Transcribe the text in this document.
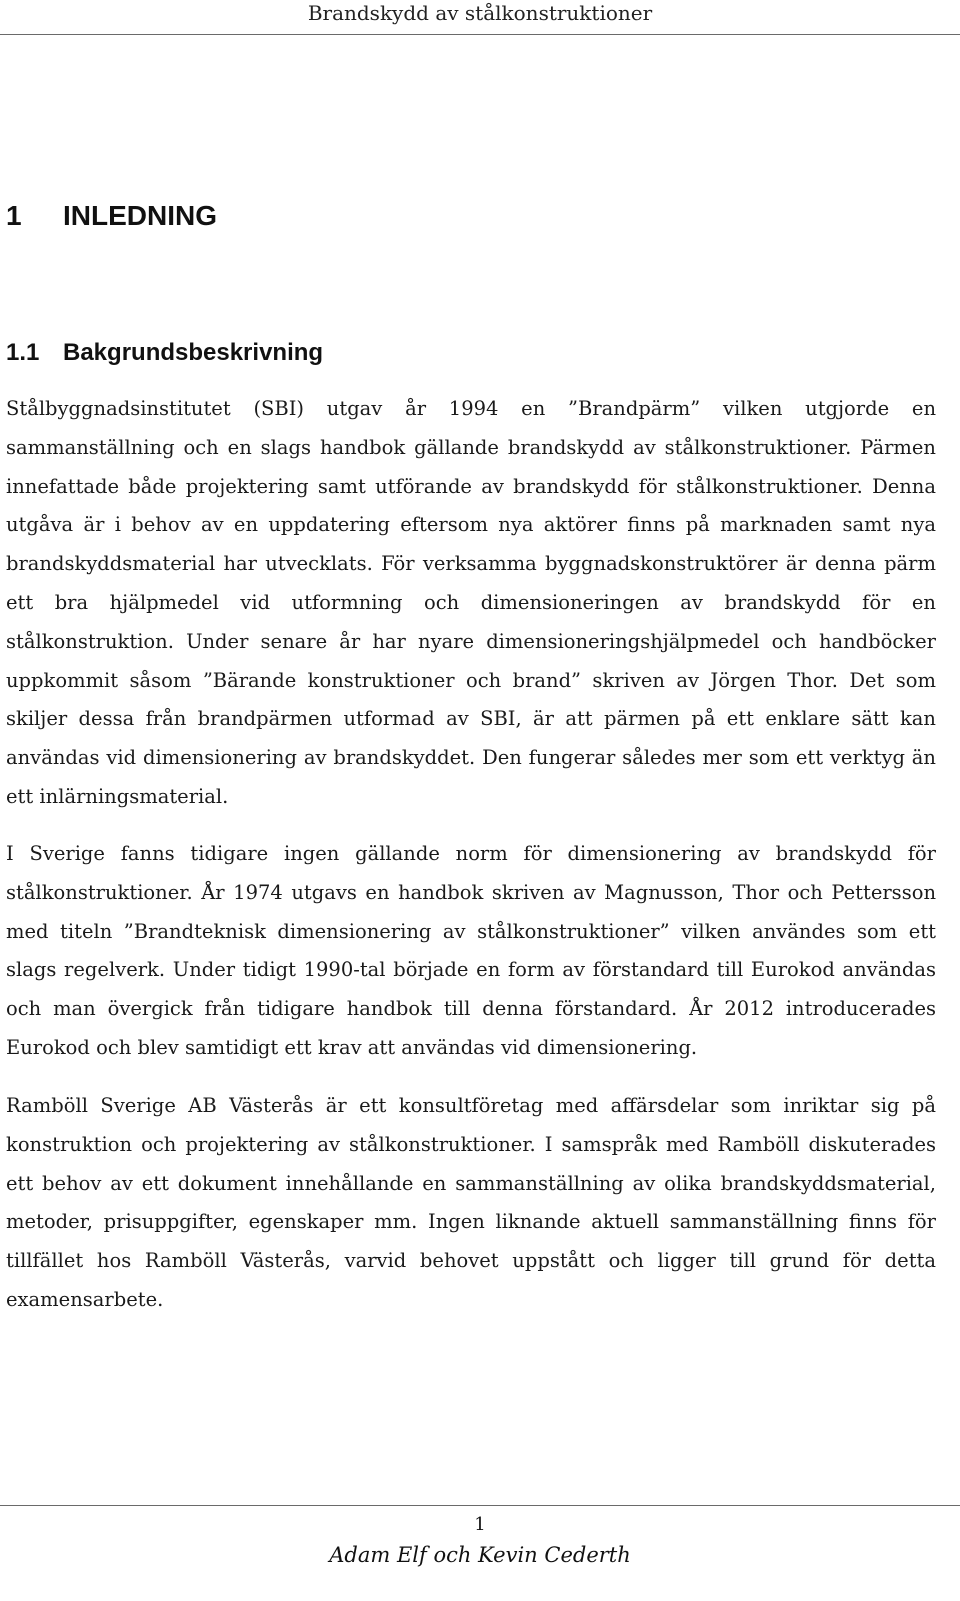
Brandskydd av stålkonstruktioner
1 INLEDNING
1.1 Bakgrundsbeskrivning
Stålbyggnadsinstitutet (SBI) utgav år 1994 en ”Brandpärm” vilken utgjorde en
sammanställning och en slags handbok gällande brandskydd av stålkonstruktioner. Pärmen
innefattade både projektering samt utförande av brandskydd för stålkonstruktioner. Denna
utgåva är i behov av en uppdatering eftersom nya aktörer finns på marknaden samt nya
brandskyddsmaterial har utvecklats. För verksamma byggnadskonstruktörer är denna pärm
ett bra hjälpmedel vid utformning och dimensioneringen av brandskydd för en
stålkonstruktion. Under senare år har nyare dimensioneringshjälpmedel och handböcker
uppkommit såsom ”Bärande konstruktioner och brand” skriven av Jörgen Thor. Det som
skiljer dessa från brandpärmen utformad av SBI, är att pärmen på ett enklare sätt kan
användas vid dimensionering av brandskyddet. Den fungerar således mer som ett verktyg än
ett inlärningsmaterial.
I Sverige fanns tidigare ingen gällande norm för dimensionering av brandskydd för
stålkonstruktioner. År 1974 utgavs en handbok skriven av Magnusson, Thor och Pettersson
med titeln ”Brandteknisk dimensionering av stålkonstruktioner” vilken användes som ett
slags regelverk. Under tidigt 1990-tal började en form av förstandard till Eurokod användas
och man övergick från tidigare handbok till denna förstandard. År 2012 introducerades
Eurokod och blev samtidigt ett krav att användas vid dimensionering.
Ramböll Sverige AB Västerås är ett konsultföretag med affärsdelar som inriktar sig på
konstruktion och projektering av stålkonstruktioner. I samspråk med Ramböll diskuterades
ett behov av ett dokument innehållande en sammanställning av olika brandskyddsmaterial,
metoder, prisuppgifter, egenskaper mm. Ingen liknande aktuell sammanställning finns för
tillfället hos Ramböll Västerås, varvid behovet uppstått och ligger till grund för detta
examensarbete.
1
Adam Elf och Kevin Cederth
